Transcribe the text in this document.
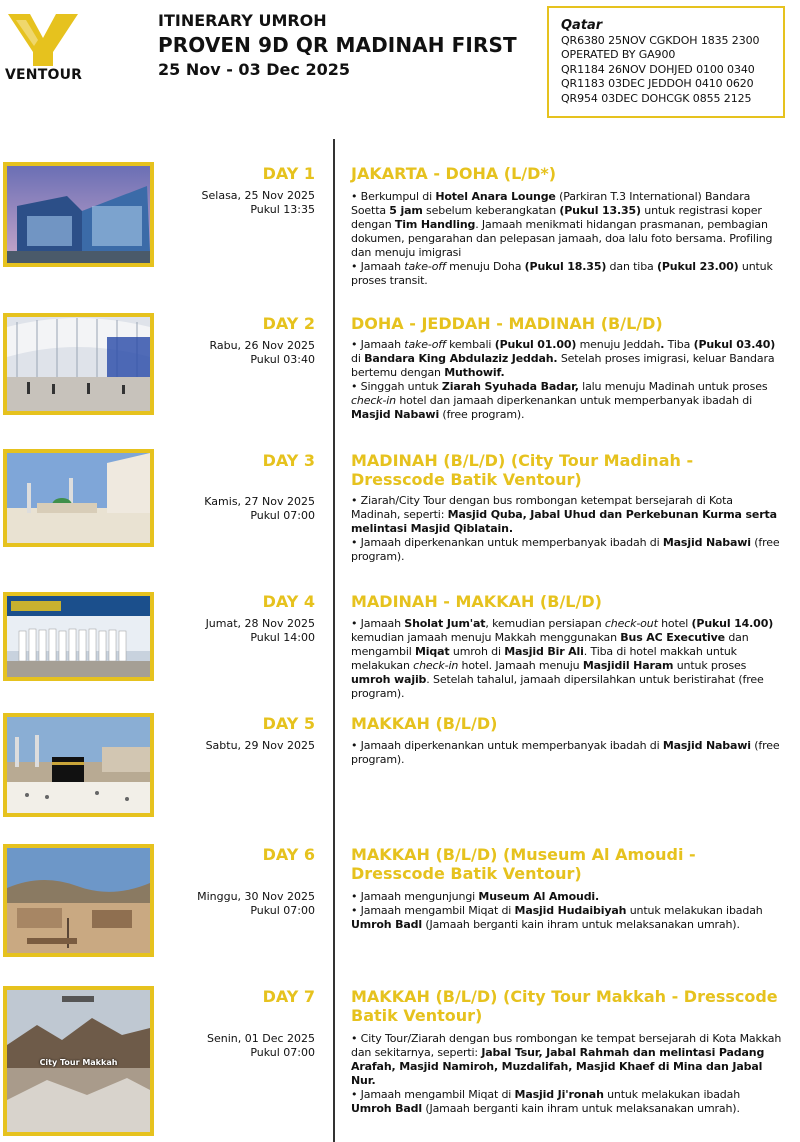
VENTOUR
ITINERARY UMROH
PROVEN 9D QR MADINAH FIRST
25 Nov - 03 Dec 2025
Qatar
QR6380 25NOV CGKDOH 1835 2300
OPERATED BY GA900
QR1184 26NOV DOHJED 0100 0340
QR1183 03DEC JEDDOH 0410 0620
QR954 03DEC DOHCGK 0855 2125
DAY 1
Selasa, 25 Nov 2025
Pukul 13:35
JAKARTA - DOHA (L/D*)

• Berkumpul di Hotel Anara Lounge (Parkiran T.3 International) Bandara Soetta 5 jam sebelum keberangkatan (Pukul 13.35) untuk registrasi koper dengan Tim Handling. Jamaah menikmati hidangan prasmanan, pembagian dokumen, pengarahan dan pelepasan jamaah, doa lalu foto bersama. Profiling dan menuju imigrasi

• Jamaah take-off menuju Doha (Pukul 18.35) dan tiba (Pukul 23.00) untuk proses transit.

DAY 2
Rabu, 26 Nov 2025
Pukul 03:40
DOHA - JEDDAH - MADINAH (B/L/D)

• Jamaah take-off kembali (Pukul 01.00) menuju Jeddah. Tiba (Pukul 03.40) di Bandara King Abdulaziz Jeddah. Setelah proses imigrasi, keluar Bandara bertemu dengan Muthowif.

• Singgah untuk Ziarah Syuhada Badar, lalu menuju Madinah untuk proses check-in hotel dan jamaah diperkenankan untuk memperbanyak ibadah di Masjid Nabawi (free program).

DAY 3
Kamis, 27 Nov 2025
Pukul 07:00
MADINAH (B/L/D) (City Tour Madinah - Dresscode Batik Ventour)

• Ziarah/City Tour dengan bus rombongan ketempat bersejarah di Kota Madinah, seperti: Masjid Quba, Jabal Uhud dan Perkebunan Kurma serta melintasi Masjid Qiblatain.

• Jamaah diperkenankan untuk memperbanyak ibadah di Masjid Nabawi (free program).

DAY 4
Jumat, 28 Nov 2025
Pukul 14:00
MADINAH - MAKKAH (B/L/D)

• Jamaah Sholat Jum'at, kemudian persiapan check-out hotel (Pukul 14.00) kemudian jamaah menuju Makkah menggunakan Bus AC Executive dan mengambil Miqat umroh di Masjid Bir Ali. Tiba di hotel makkah untuk melakukan check-in hotel. Jamaah menuju Masjidil Haram untuk proses umroh wajib. Setelah tahalul, jamaah dipersilahkan untuk beristirahat (free program).

DAY 5
Sabtu, 29 Nov 2025
MAKKAH (B/L/D)

• Jamaah diperkenankan untuk memperbanyak ibadah di Masjid Nabawi (free program).

DAY 6
Minggu, 30 Nov 2025
Pukul 07:00
MAKKAH (B/L/D) (Museum Al Amoudi - Dresscode Batik Ventour)

• Jamaah mengunjungi Museum Al Amoudi.

• Jamaah mengambil Miqat di Masjid Hudaibiyah untuk melakukan ibadah Umroh Badl (Jamaah berganti kain ihram untuk melaksanakan umrah).

City Tour Makkah
DAY 7
Senin, 01 Dec 2025
Pukul 07:00
MAKKAH (B/L/D) (City Tour Makkah - Dresscode Batik Ventour)

• City Tour/Ziarah dengan bus rombongan ke tempat bersejarah di Kota Makkah dan sekitarnya, seperti: Jabal Tsur, Jabal Rahmah dan melintasi Padang Arafah, Masjid Namiroh, Muzdalifah, Masjid Khaef di Mina dan Jabal Nur.

• Jamaah mengambil Miqat di Masjid Ji'ronah untuk melakukan ibadah Umroh Badl (Jamaah berganti kain ihram untuk melaksanakan umrah).
